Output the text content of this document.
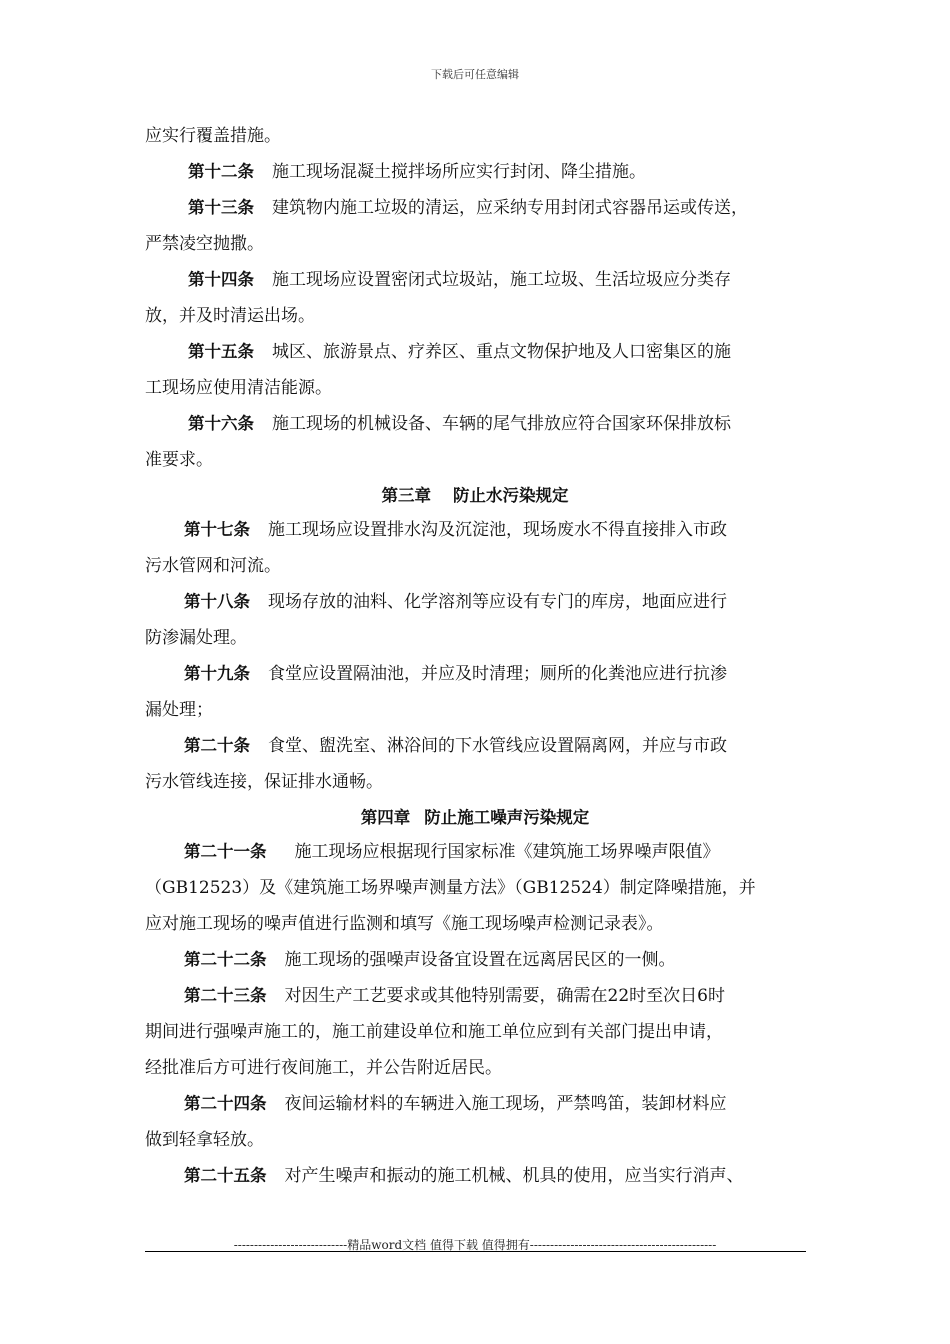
下载后可任意编辑
应实行覆盖措施。
第十二条 施工现场混凝土搅拌场所应实行封闭、降尘措施。
第十三条 建筑物内施工垃圾的清运，应采纳专用封闭式容器吊运或传送，
严禁凌空抛撒。
第十四条 施工现场应设置密闭式垃圾站，施工垃圾、生活垃圾应分类存
放，并及时清运出场。
第十五条 城区、旅游景点、疗养区、重点文物保护地及人口密集区的施
工现场应使用清洁能源。
第十六条 施工现场的机械设备、车辆的尾气排放应符合国家环保排放标
准要求。
第三章 防止水污染规定
第十七条 施工现场应设置排水沟及沉淀池，现场废水不得直接排入市政
污水管网和河流。
第十八条 现场存放的油料、化学溶剂等应设有专门的库房，地面应进行
防渗漏处理。
第十九条 食堂应设置隔油池，并应及时清理；厕所的化粪池应进行抗渗
漏处理；
第二十条 食堂、盥洗室、淋浴间的下水管线应设置隔离网，并应与市政
污水管线连接，保证排水通畅。
第四章 防止施工噪声污染规定
第二十一条 施工现场应根据现行国家标准《建筑施工场界噪声限值》
（GB12523）及《建筑施工场界噪声测量方法》（GB12524）制定降噪措施，并
应对施工现场的噪声值进行监测和填写《施工现场噪声检测记录表》。
第二十二条 施工现场的强噪声设备宜设置在远离居民区的一侧。
第二十三条 对因生产工艺要求或其他特别需要，确需在22时至次日6时
期间进行强噪声施工的，施工前建设单位和施工单位应到有关部门提出申请，
经批准后方可进行夜间施工，并公告附近居民。
第二十四条 夜间运输材料的车辆进入施工现场，严禁鸣笛，装卸材料应
做到轻拿轻放。
第二十五条 对产生噪声和振动的施工机械、机具的使用，应当实行消声、
----------------------------精品word文档 值得下载 值得拥有----------------------------------------------
